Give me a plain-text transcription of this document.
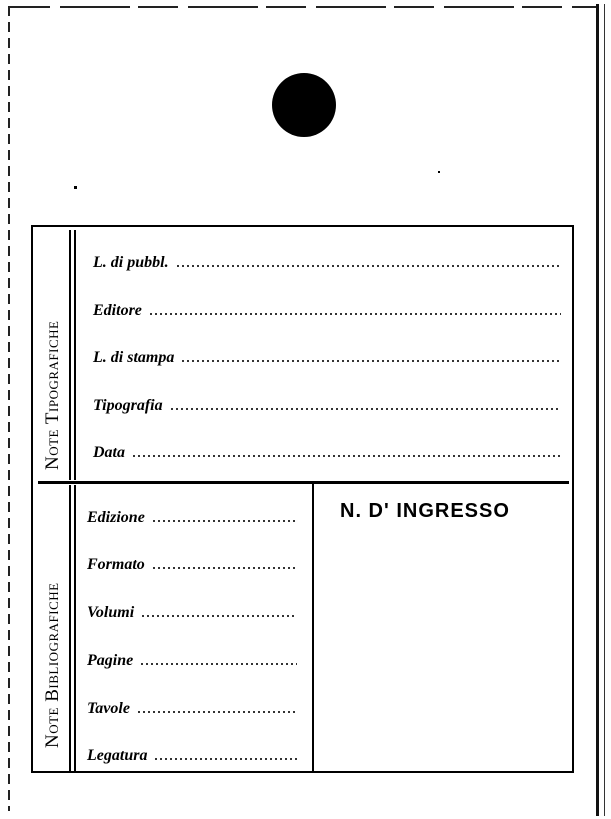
Note Tipografiche
Note Bibliografiche
L. di pubbl.
Editore
L. di stampa
Tipografia
Data
Edizione
Formato
Volumi
Pagine
Tavole
Legatura
N. D' INGRESSO
